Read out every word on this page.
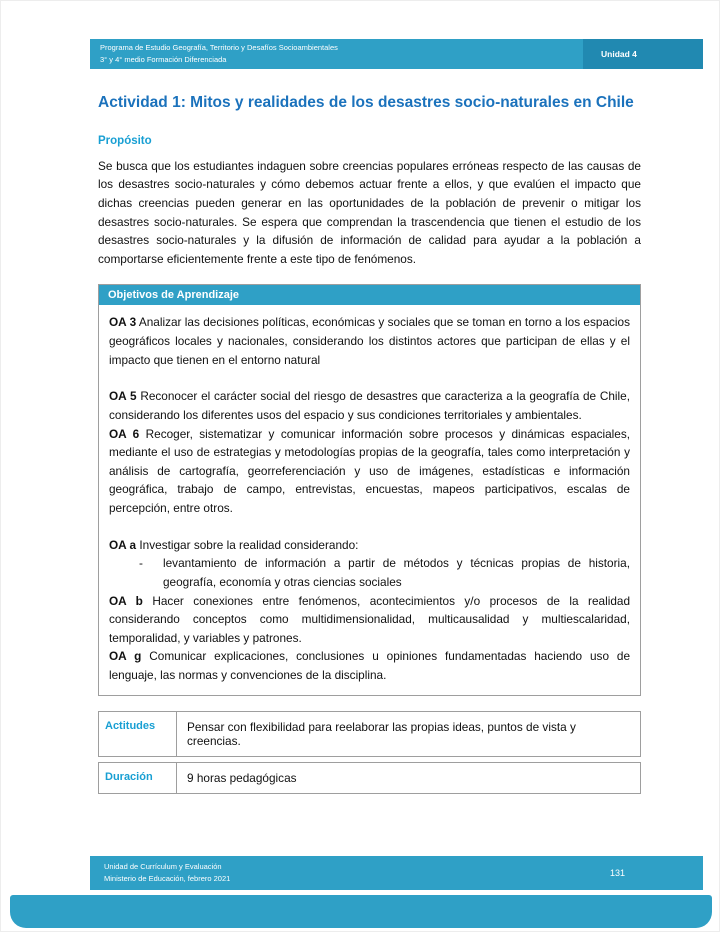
Programa de Estudio Geografía, Territorio y Desafíos Socioambientales
3° y 4° medio Formación Diferenciada
Unidad 4
Actividad 1: Mitos y realidades de los desastres socio-naturales en Chile
Propósito
Se busca que los estudiantes indaguen sobre creencias populares erróneas respecto de las causas de los desastres socio-naturales y cómo debemos actuar frente a ellos, y que evalúen el impacto que dichas creencias pueden generar en las oportunidades de la población de prevenir o mitigar los desastres socio-naturales. Se espera que comprendan la trascendencia que tienen el estudio de los desastres socio-naturales y la difusión de información de calidad para ayudar a la población a comportarse eficientemente frente a este tipo de fenómenos.
Objetivos de Aprendizaje
OA 3 Analizar las decisiones políticas, económicas y sociales que se toman en torno a los espacios geográficos locales y nacionales, considerando los distintos actores que participan de ellas y el impacto que tienen en el entorno natural
OA 5 Reconocer el carácter social del riesgo de desastres que caracteriza a la geografía de Chile, considerando los diferentes usos del espacio y sus condiciones territoriales y ambientales.
OA 6 Recoger, sistematizar y comunicar información sobre procesos y dinámicas espaciales, mediante el uso de estrategias y metodologías propias de la geografía, tales como interpretación y análisis de cartografía, georreferenciación y uso de imágenes, estadísticas e información geográfica, trabajo de campo, entrevistas, encuestas, mapeos participativos, escalas de percepción, entre otros.
OA a Investigar sobre la realidad considerando:
-	levantamiento de información a partir de métodos y técnicas propias de historia, geografía, economía y otras ciencias sociales
OA b Hacer conexiones entre fenómenos, acontecimientos y/o procesos de la realidad considerando conceptos como multidimensionalidad, multicausalidad y multiescalaridad, temporalidad, y variables y patrones.
OA g Comunicar explicaciones, conclusiones u opiniones fundamentadas haciendo uso de lenguaje, las normas y convenciones de la disciplina.
Actitudes	Pensar con flexibilidad para reelaborar las propias ideas, puntos de vista y creencias.
Duración	9 horas pedagógicas
Unidad de Currículum y Evaluación
Ministerio de Educación, febrero 2021
131
